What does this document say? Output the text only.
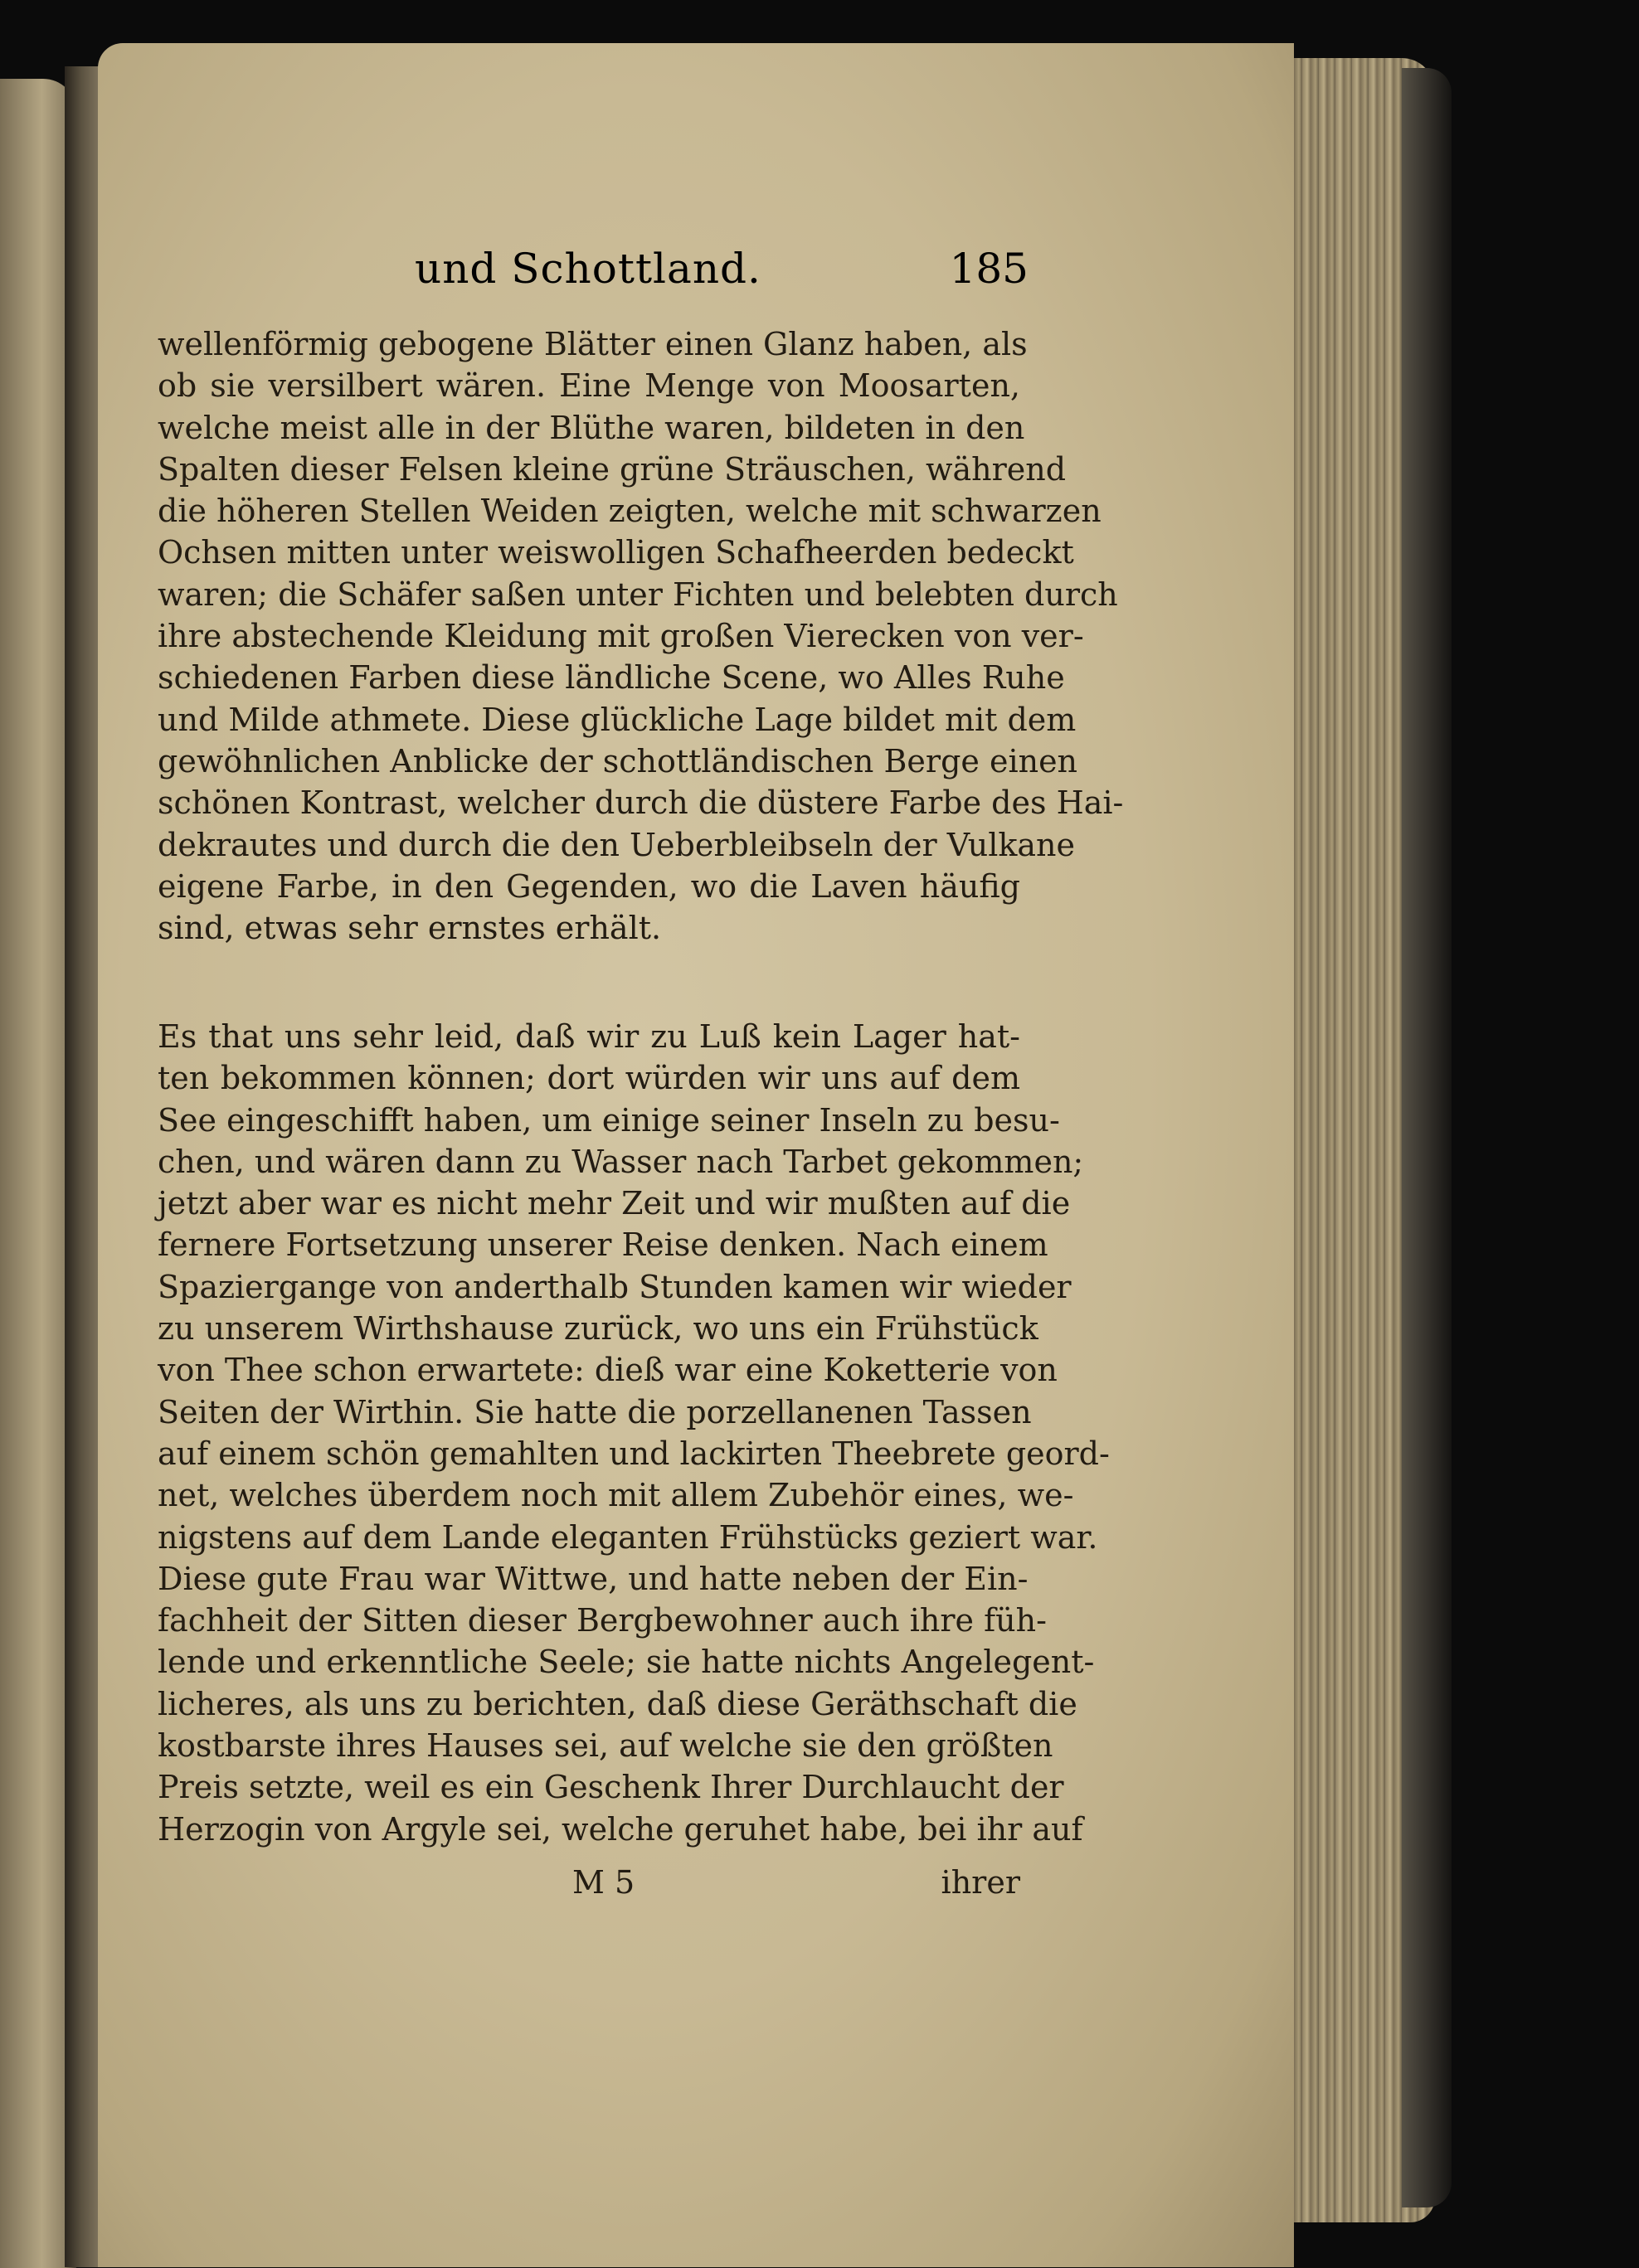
und Schottland.	185
wellenförmig gebogene Blätter einen Glanz haben, als
ob sie versilbert wären. Eine Menge von Moosarten,
welche meist alle in der Blüthe waren, bildeten in den
Spalten dieser Felsen kleine grüne Sträuschen, während
die höheren Stellen Weiden zeigten, welche mit schwarzen
Ochsen mitten unter weiswolligen Schafheerden bedeckt
waren; die Schäfer saßen unter Fichten und belebten durch
ihre abstechende Kleidung mit großen Vierecken von ver-
schiedenen Farben diese ländliche Scene, wo Alles Ruhe
und Milde athmete. Diese glückliche Lage bildet mit dem
gewöhnlichen Anblicke der schottländischen Berge einen
schönen Kontrast, welcher durch die düstere Farbe des Hai-
dekrautes und durch die den Ueberbleibseln der Vulkane
eigene Farbe, in den Gegenden, wo die Laven häufig
sind, etwas sehr ernstes erhält.
Es that uns sehr leid, daß wir zu Luß kein Lager hat-
ten bekommen können; dort würden wir uns auf dem
See eingeschifft haben, um einige seiner Inseln zu besu-
chen, und wären dann zu Wasser nach Tarbet gekommen;
jetzt aber war es nicht mehr Zeit und wir mußten auf die
fernere Fortsetzung unserer Reise denken. Nach einem
Spaziergange von anderthalb Stunden kamen wir wieder
zu unserem Wirthshause zurück, wo uns ein Frühstück
von Thee schon erwartete: dieß war eine Koketterie von
Seiten der Wirthin. Sie hatte die porzellanenen Tassen
auf einem schön gemahlten und lackirten Theebrete geord-
net, welches überdem noch mit allem Zubehör eines, we-
nigstens auf dem Lande eleganten Frühstücks geziert war.
Diese gute Frau war Wittwe, und hatte neben der Ein-
fachheit der Sitten dieser Bergbewohner auch ihre füh-
lende und erkenntliche Seele; sie hatte nichts Angelegent-
licheres, als uns zu berichten, daß diese Geräthschaft die
kostbarste ihres Hauses sei, auf welche sie den größten
Preis setzte, weil es ein Geschenk Ihrer Durchlaucht der
Herzogin von Argyle sei, welche geruhet habe, bei ihr auf
M 5	ihrer
